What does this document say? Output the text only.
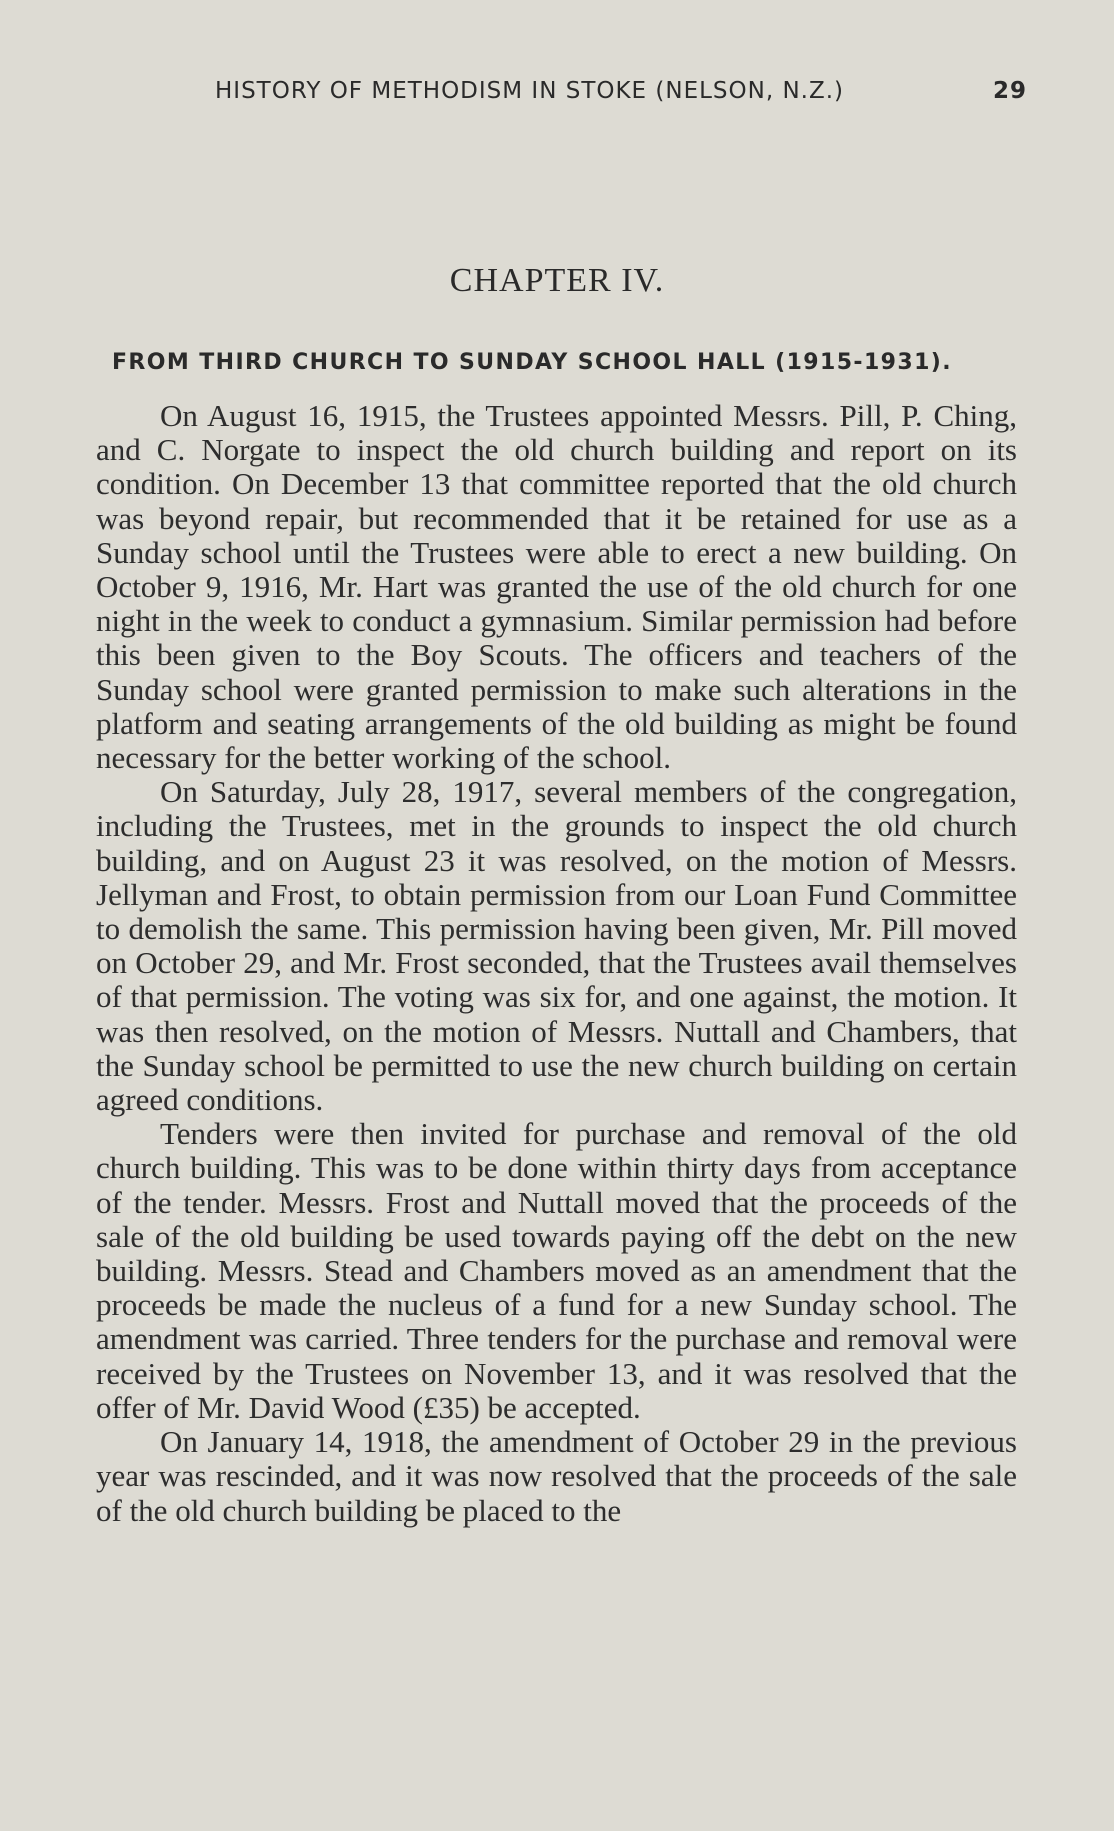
HISTORY OF METHODISM IN STOKE (NELSON, N.Z.)	29
CHAPTER IV.
FROM THIRD CHURCH TO SUNDAY SCHOOL HALL (1915-1931).

On August 16, 1915, the Trustees appointed Messrs. Pill, P. Ching, and C. Norgate to inspect the old church building and report on its condition. On December 13 that committee reported that the old church was beyond repair, but recommended that it be retained for use as a Sunday school until the Trustees were able to erect a new building. On October 9, 1916, Mr. Hart was granted the use of the old church for one night in the week to conduct a gymnasium. Similar permission had before this been given to the Boy Scouts. The officers and teachers of the Sunday school were granted permission to make such alterations in the platform and seating arrangements of the old building as might be found necessary for the better working of the school.

On Saturday, July 28, 1917, several members of the congregation, including the Trustees, met in the grounds to inspect the old church building, and on August 23 it was resolved, on the motion of Messrs. Jellyman and Frost, to obtain permission from our Loan Fund Committee to demolish the same. This permission having been given, Mr. Pill moved on October 29, and Mr. Frost seconded, that the Trustees avail themselves of that permission. The voting was six for, and one against, the motion. It was then resolved, on the motion of Messrs. Nuttall and Chambers, that the Sunday school be permitted to use the new church building on certain agreed conditions.

Tenders were then invited for purchase and removal of the old church building. This was to be done within thirty days from acceptance of the tender. Messrs. Frost and Nuttall moved that the proceeds of the sale of the old building be used towards paying off the debt on the new building. Messrs. Stead and Chambers moved as an amendment that the proceeds be made the nucleus of a fund for a new Sunday school. The amendment was carried. Three tenders for the purchase and removal were received by the Trustees on November 13, and it was resolved that the offer of Mr. David Wood (£35) be accepted.

On January 14, 1918, the amendment of October 29 in the previous year was rescinded, and it was now resolved that the proceeds of the sale of the old church building be placed to the
